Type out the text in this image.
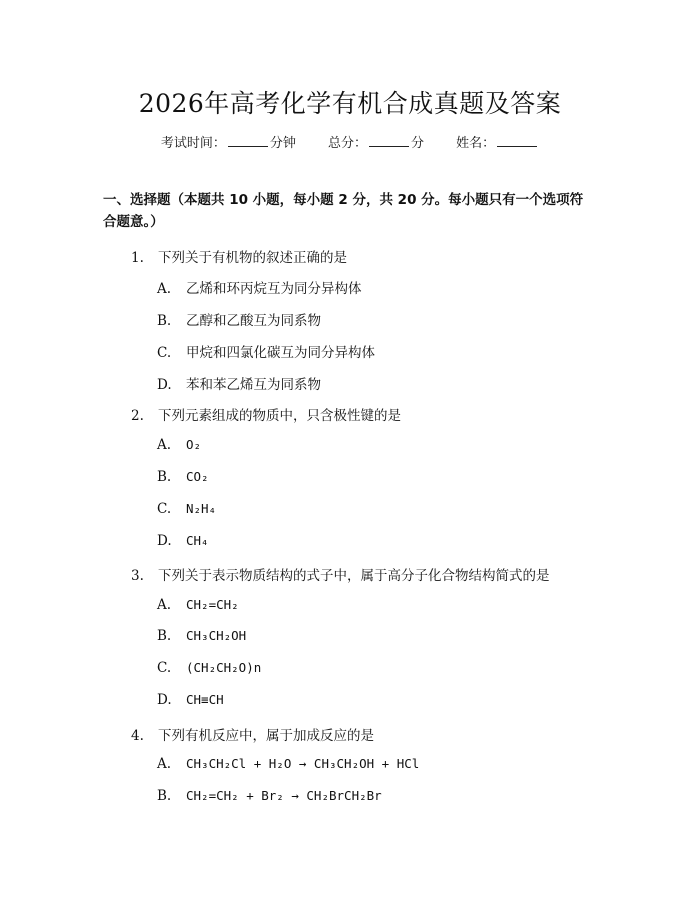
2026年高考化学有机合成真题及答案
考试时间：	分钟 总分：	分 姓名：
一、选择题（本题共 10 小题，每小题 2 分，共 20 分。每小题只有一个选项符合题意。）
1. 下列关于有机物的叙述正确的是
A. 乙烯和环丙烷互为同分异构体
B. 乙醇和乙酸互为同系物
C. 甲烷和四氯化碳互为同分异构体
D. 苯和苯乙烯互为同系物
2. 下列元素组成的物质中，只含极性键的是
A. O₂
B. CO₂
C. N₂H₄
D. CH₄
3. 下列关于表示物质结构的式子中，属于高分子化合物结构简式的是
A. CH₂=CH₂
B. CH₃CH₂OH
C. (CH₂CH₂O)n
D. CH≡CH
4. 下列有机反应中，属于加成反应的是
A. CH₃CH₂Cl + H₂O → CH₃CH₂OH + HCl
B. CH₂=CH₂ + Br₂ → CH₂BrCH₂Br
